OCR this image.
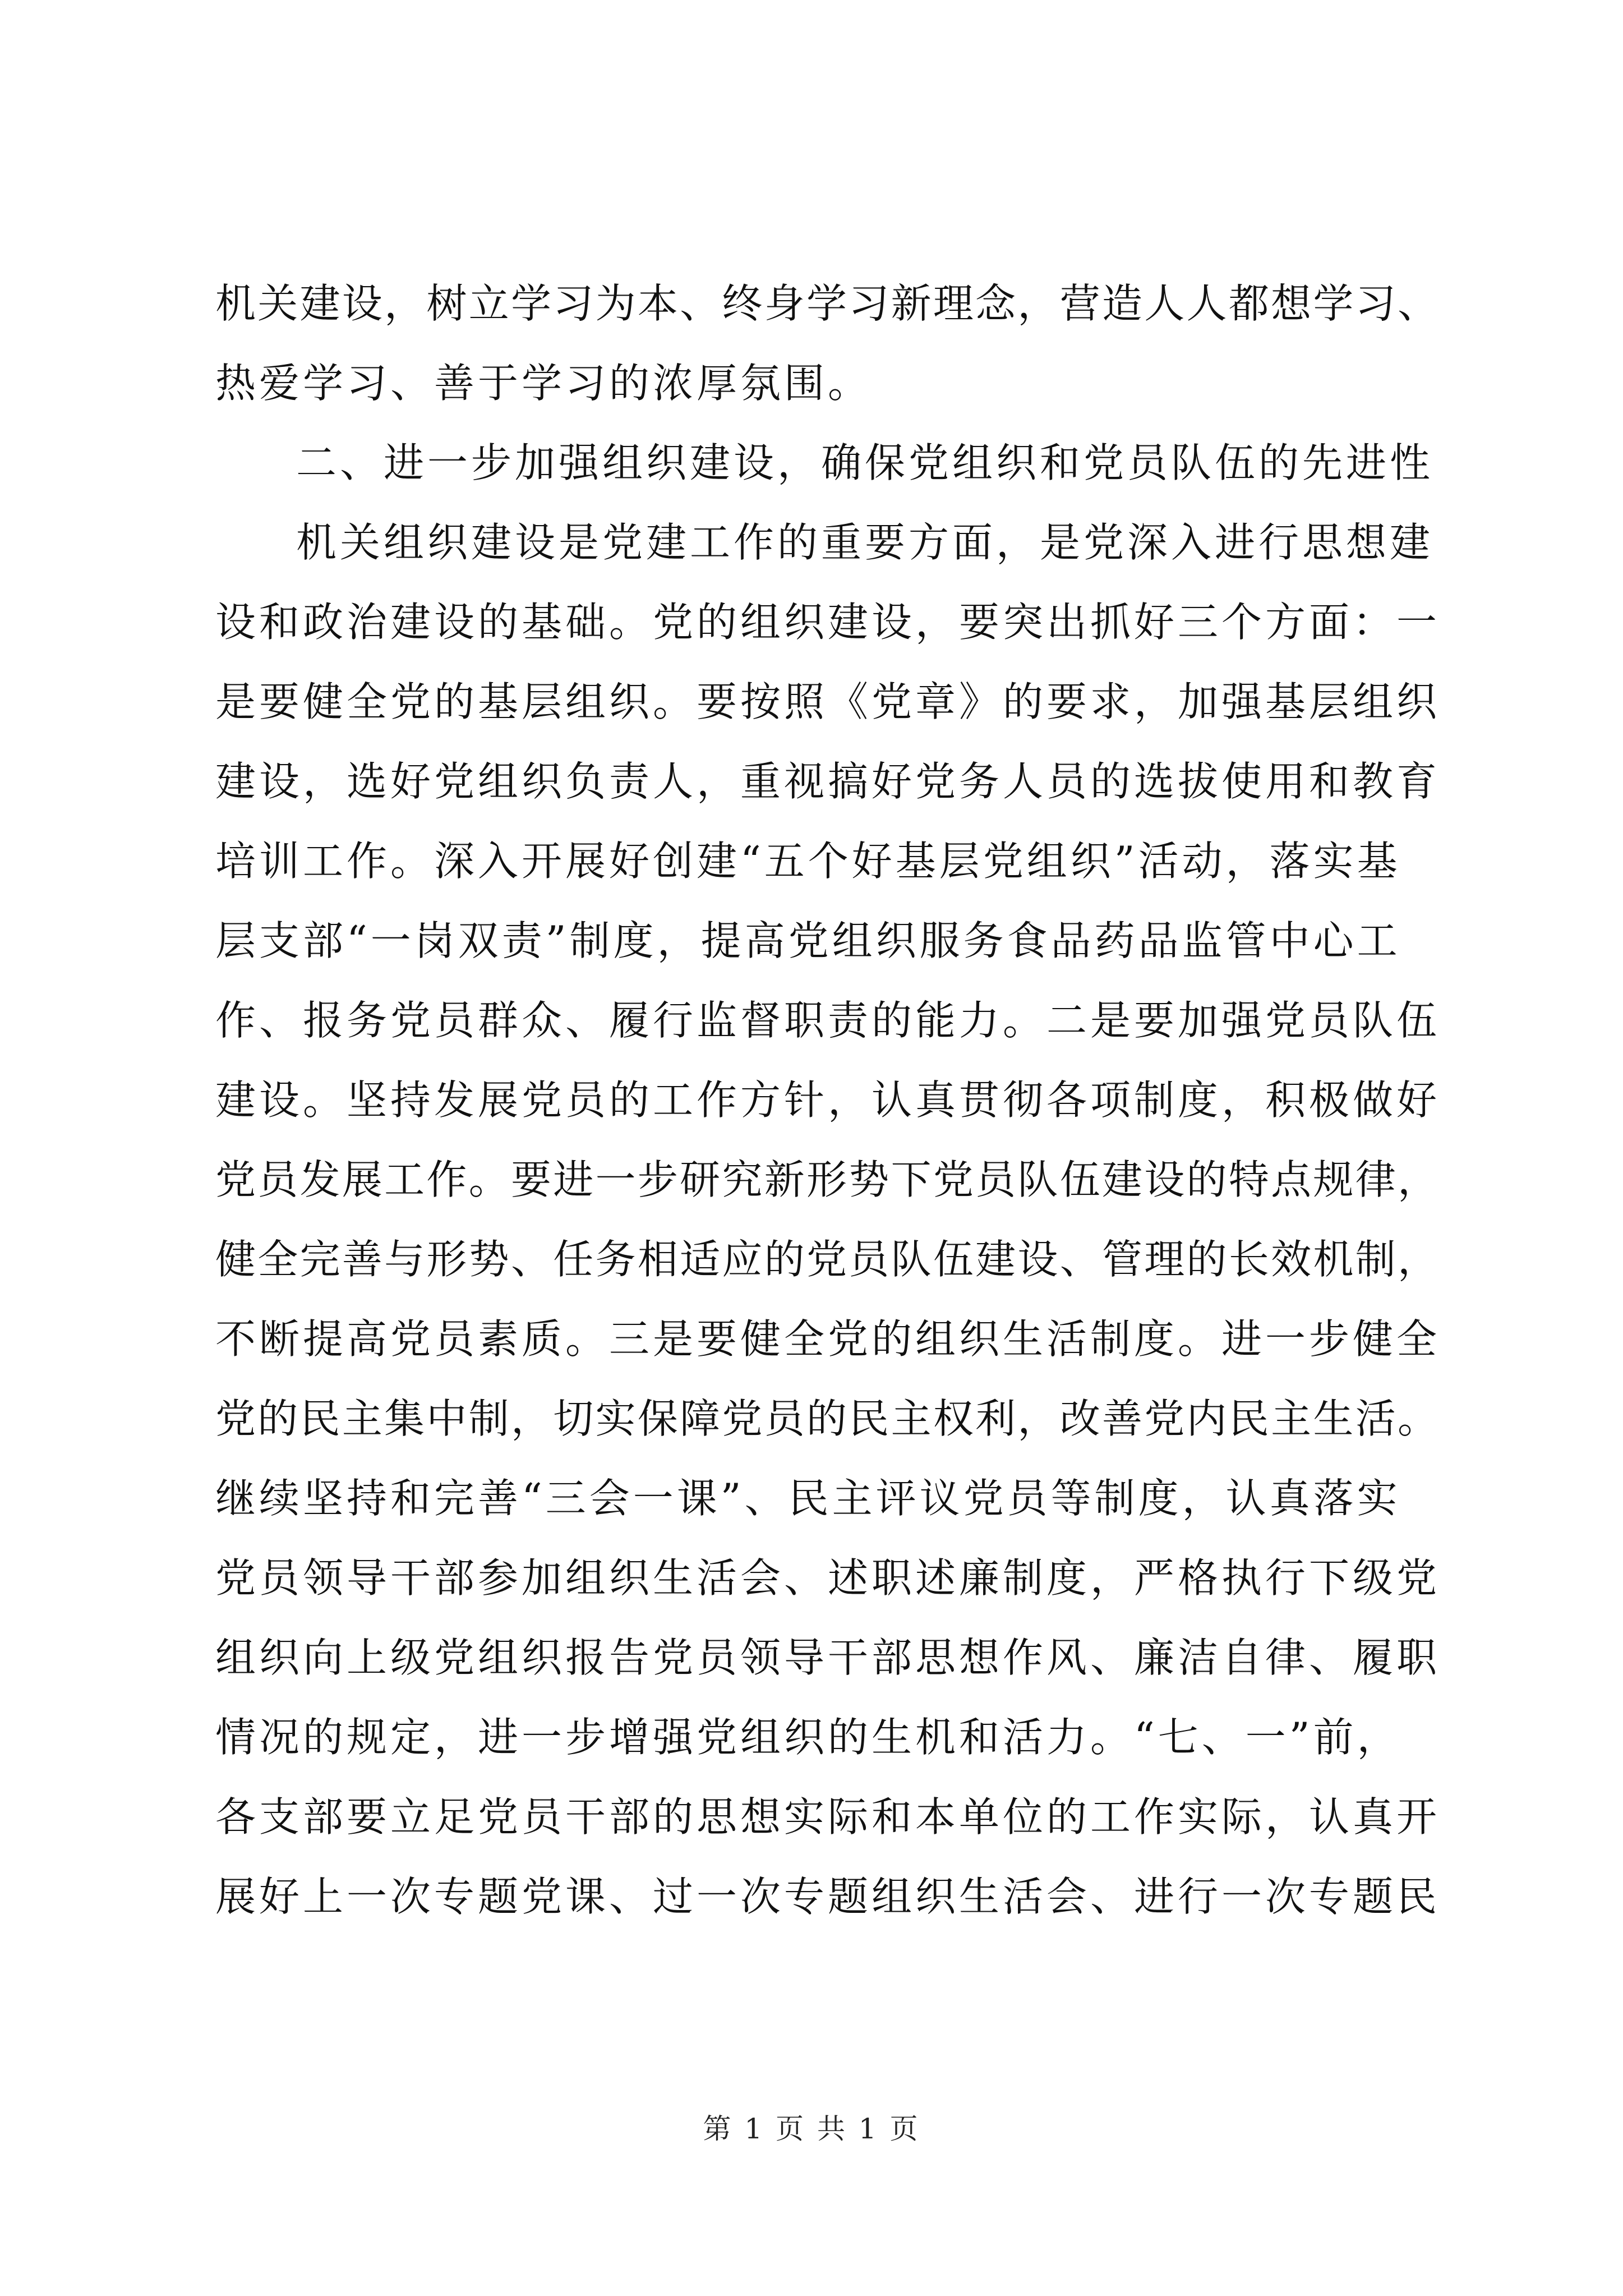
机关建设，树立学习为本、终身学习新理念，营造人人都想学习、
热爱学习、善于学习的浓厚氛围。
二、进一步加强组织建设，确保党组织和党员队伍的先进性
机关组织建设是党建工作的重要方面，是党深入进行思想建
设和政治建设的基础。党的组织建设，要突出抓好三个方面：一
是要健全党的基层组织。要按照《党章》的要求，加强基层组织
建设，选好党组织负责人，重视搞好党务人员的选拔使用和教育
培训工作。深入开展好创建“五个好基层党组织”活动，落实基
层支部“一岗双责”制度，提高党组织服务食品药品监管中心工
作、报务党员群众、履行监督职责的能力。二是要加强党员队伍
建设。坚持发展党员的工作方针，认真贯彻各项制度，积极做好
党员发展工作。要进一步研究新形势下党员队伍建设的特点规律，
健全完善与形势、任务相适应的党员队伍建设、管理的长效机制，
不断提高党员素质。三是要健全党的组织生活制度。进一步健全
党的民主集中制，切实保障党员的民主权利，改善党内民主生活。
继续坚持和完善“三会一课”、民主评议党员等制度，认真落实
党员领导干部参加组织生活会、述职述廉制度，严格执行下级党
组织向上级党组织报告党员领导干部思想作风、廉洁自律、履职
情况的规定，进一步增强党组织的生机和活力。“七、一”前，
各支部要立足党员干部的思想实际和本单位的工作实际，认真开
展好上一次专题党课、过一次专题组织生活会、进行一次专题民
第 1 页 共 1 页
